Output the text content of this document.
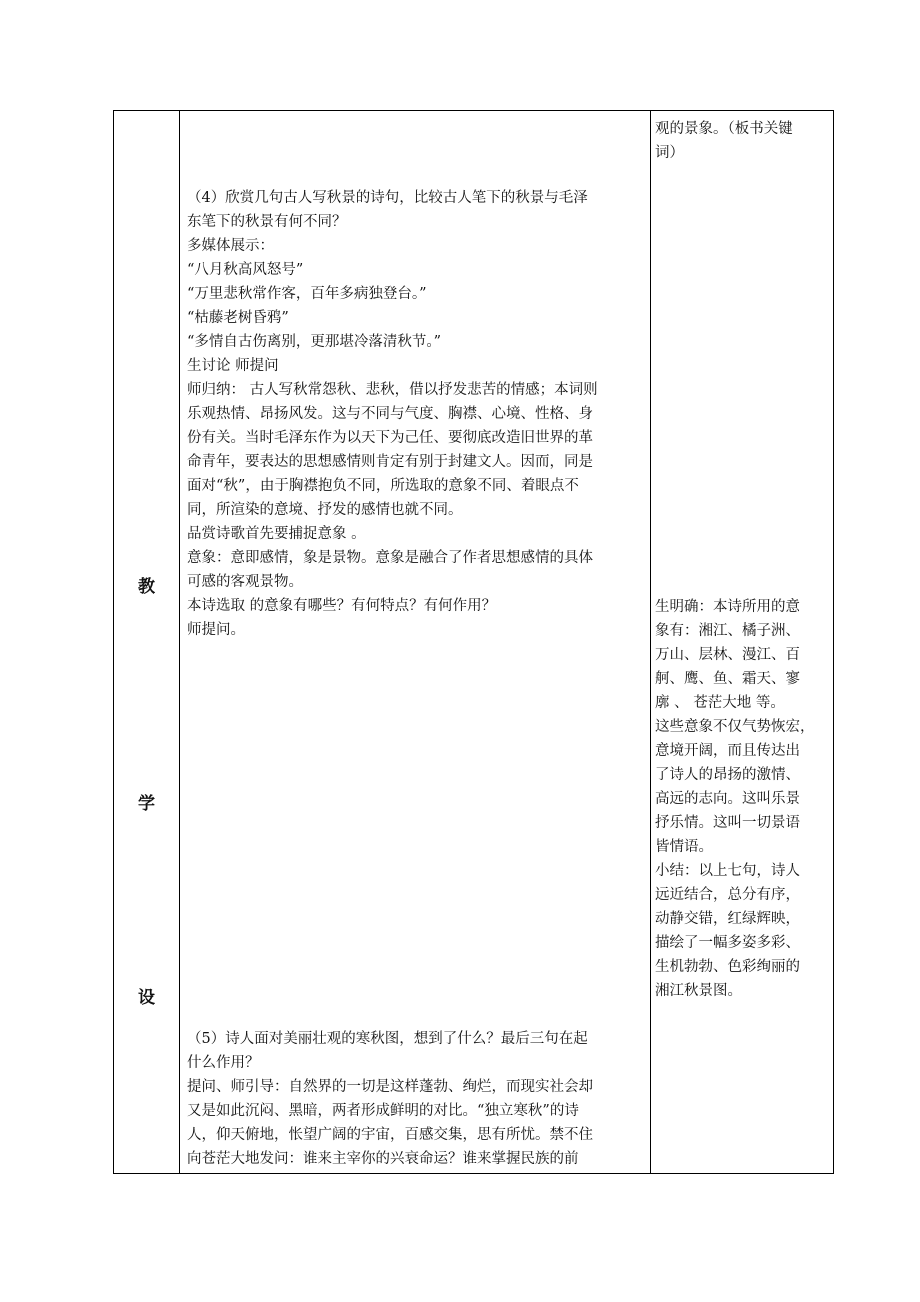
教
学
设
观的景象。（板书关键
词）
（4）欣赏几句古人写秋景的诗句，比较古人笔下的秋景与毛泽
东笔下的秋景有何不同？
多媒体展示：
“八月秋高风怒号”
“万里悲秋常作客，百年多病独登台。”
“枯藤老树昏鸦”
“多情自古伤离别，更那堪冷落清秋节。”
生讨论 师提问
师归纳： 古人写秋常怨秋、悲秋，借以抒发悲苦的情感；本词则
乐观热情、昂扬风发。这与不同与气度、胸襟、心境、性格、身
份有关。当时毛泽东作为以天下为己任、要彻底改造旧世界的革
命青年，要表达的思想感情则肯定有别于封建文人。因而，同是
面对“秋”，由于胸襟抱负不同，所选取的意象不同、着眼点不
同，所渲染的意境、抒发的感情也就不同。
品赏诗歌首先要捕捉意象 。
意象：意即感情，象是景物。意象是融合了作者思想感情的具体
可感的客观景物。
本诗选取 的意象有哪些？有何特点？有何作用？
师提问。
生明确：本诗所用的意
象有：湘江、橘子洲、
万山、层林、漫江、百
舸、鹰、鱼、霜天、寥
廓 、 苍茫大地 等。
这些意象不仅气势恢宏，
意境开阔，而且传达出
了诗人的昂扬的激情、
高远的志向。这叫乐景
抒乐情。这叫一切景语
皆情语。
小结：以上七句，诗人
远近结合，总分有序，
动静交错，红绿辉映，
描绘了一幅多姿多彩、
生机勃勃、色彩绚丽的
湘江秋景图。
（5）诗人面对美丽壮观的寒秋图，想到了什么？最后三句在起
什么作用？
提问、师引导：自然界的一切是这样蓬勃、绚烂，而现实社会却
又是如此沉闷、黑暗，两者形成鲜明的对比。“独立寒秋”的诗
人，仰天俯地，怅望广阔的宇宙，百感交集，思有所忧。禁不住
向苍茫大地发问：谁来主宰你的兴衰命运？谁来掌握民族的前
